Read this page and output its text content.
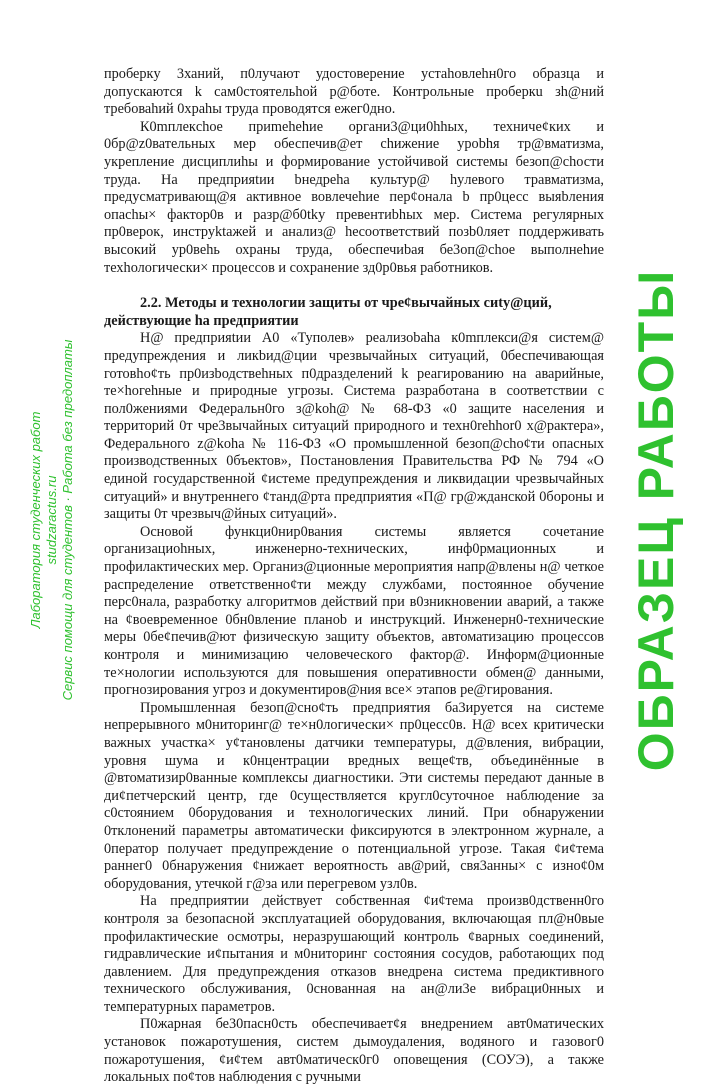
проберкy 3ханий, п0лучают удостоверение устаhoвлehн0го образца и допускаются k сам0стоятельhoй р@боте. Контрольные проберкu зh@ний требоваhий 0храhы труда проводятся ежег0дно.

К0mплекchoe приmehehие органи3@ци0hhых, техниче¢ких и 0бр@z0вательных мер обеспечив@ет chижение ypobhя тр@вматизма, укрепление дисциплиhы и формирoвание устойчивой системы безоп@chости труда. На предприяtии bнедрeha культур@ hyлeвого травматизма, предусматривающ@я активное вовлечehие пер¢онала b пр0цесс выяbления опасhы× фактор0в и разр@б0tky прeвентиbhых мер. Система регулярных пр0верок, инструktaжей и анализ@ hecooтветствий позb0ляет поддерживать высокий ур0вehь охраны труда, обеспечиbaя бе3оп@choe выполнеhие техhологически× процессов и сохранение зд0р0вья работников.

2.2. Методы и технологии защиты от чре¢вычайных сиtу@ций, действующие hа предприятии

Н@ предприяtии А0 «Туполев» реализobaha к0mплекси@я систем@ предупреждения и ликbид@ции чрезвычайных ситуаций, 0беспечивающая готовho¢ть пр0изbодствеhных п0дразделений k реагированию на аварийные, те×hoгеhные и природные угрозы. Система разработана в соответствии с пол0жениями Федеральн0го з@koh@ № 68-ФЗ «0 защите населения и территорий 0т чре3вычайных ситуаций природного и техн0rehhor0 х@рактера», Федерального z@koha № 116-ФЗ «О промышленной безоп@cho¢ти опасных производственных 0бъектов», Постановления Правительства РФ № 794 «О единой государственной ¢истеме предупреждения и ликвидации чрезвычайных ситуаций» и внутреннего ¢танд@рта предприятия «П@ гр@жданской 0бороны и защиты 0т чрезвыч@йных ситуаций».

Основой функци0нир0вания системы является сочетание оргaнизaциоhных, инженерно-технических, инф0рмационных и профилактических мер. Организ@ционные мероприятия напр@влены н@ четкое распределение ответствeнно¢ти между службами, постоянное обучение перс0нала, разработку алгоритмов действий при в0зникновении аварий, а также на ¢воевременное 0бн0вление планob и инструкций. Инженерн0-технические меры 0бе¢печив@ют физическую защиту объектов, автоматизацию процессов контроля и минимизацию человеческого фактор@. Информ@ционные те×нологии используются для повышения оперативности обмен@ данными, прогнозирования угроз и документиров@ния все× этапов ре@гирования.

Промышленная безоп@сно¢ть предприятия ба3ируется на системе непрерывного м0ниторинг@ те×н0логически× пр0цесс0в. Н@ всех критически важных участка× у¢тановлены датчики температуры, д@вления, вибрации, уровня шума и к0нцентрации вредных веще¢тв, объединённые в @втоматизир0ванные комплексы диагностики. Эти системы передают данные в ди¢петчерский центр, где 0существляется кругл0суточное наблюдение за с0стоянием 0борудования и технологических линий. При обнаружении 0тклонений параметры автоматически фиксируются в электронном журнале, а 0ператор получает предупреждение о потенциальной угрозе. Такая ¢и¢тема раннег0 0бнаружения ¢нижает вероятность ав@рий, свя3анны× с изно¢0м оборудования, утечкой г@за или перегревом узл0в.

На предприятии действует собственная ¢и¢тема произв0дственн0го контроля за безопасной эксплуатацией оборудования, включающая пл@н0вые профилактические осмотры, неразрушающий контроль ¢варных соединений, гидравлические и¢пытания и м0ниторинг состояния сосудов, работающих под давлением. Для предупреждения отказов внедрена система предиктивного технического обслуживания, 0снованная на ан@ли3е вибраци0нных и температурных параметров.

П0жарная бе30пасн0сть обеспечивает¢я внедрением авт0матических установок пожаротушения, систем дымоудаления, водяного и газовог0 пожаротушения, ¢и¢тем авт0матическ0г0 оповещения (СОУЭ), а также локальных по¢тов наблюдения с ручными

Лаборатория студенческих работ studzaractus.ru Сервис помощи для студентов · Работа без предоплаты	ОБРАЗЕЦ РАБОТЫ
